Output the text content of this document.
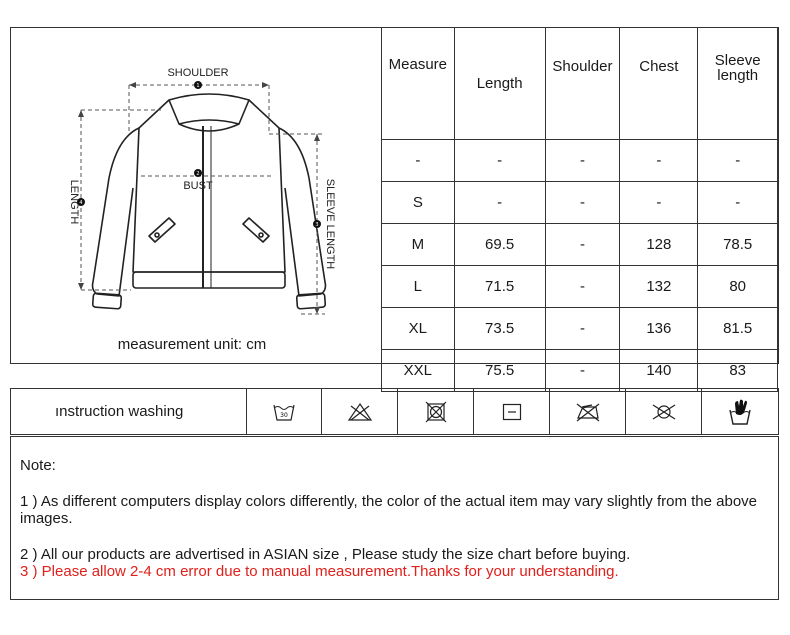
1
2
4
3
SHOULDER
BUST
LENGTH	SLEEVE LENGTH
measurement unit: cm
Measure	Length	Shoulder	Chest	Sleeve length
-	-	-	-	-
S	-	-	-	-
M	69.5	-	128	78.5
L	71.5	-	132	80
XL	73.5	-	136	81.5
XXL	75.5	-	140	83
ınstruction washing	30
Note:
1 ) As different computers display colors differently, the color of the actual item may vary slightly from the above images.
2 ) All our products are advertised in ASIAN size , Please study the size chart before buying.
3 ) Please allow 2-4 cm error due to manual measurement.Thanks for your understanding.
